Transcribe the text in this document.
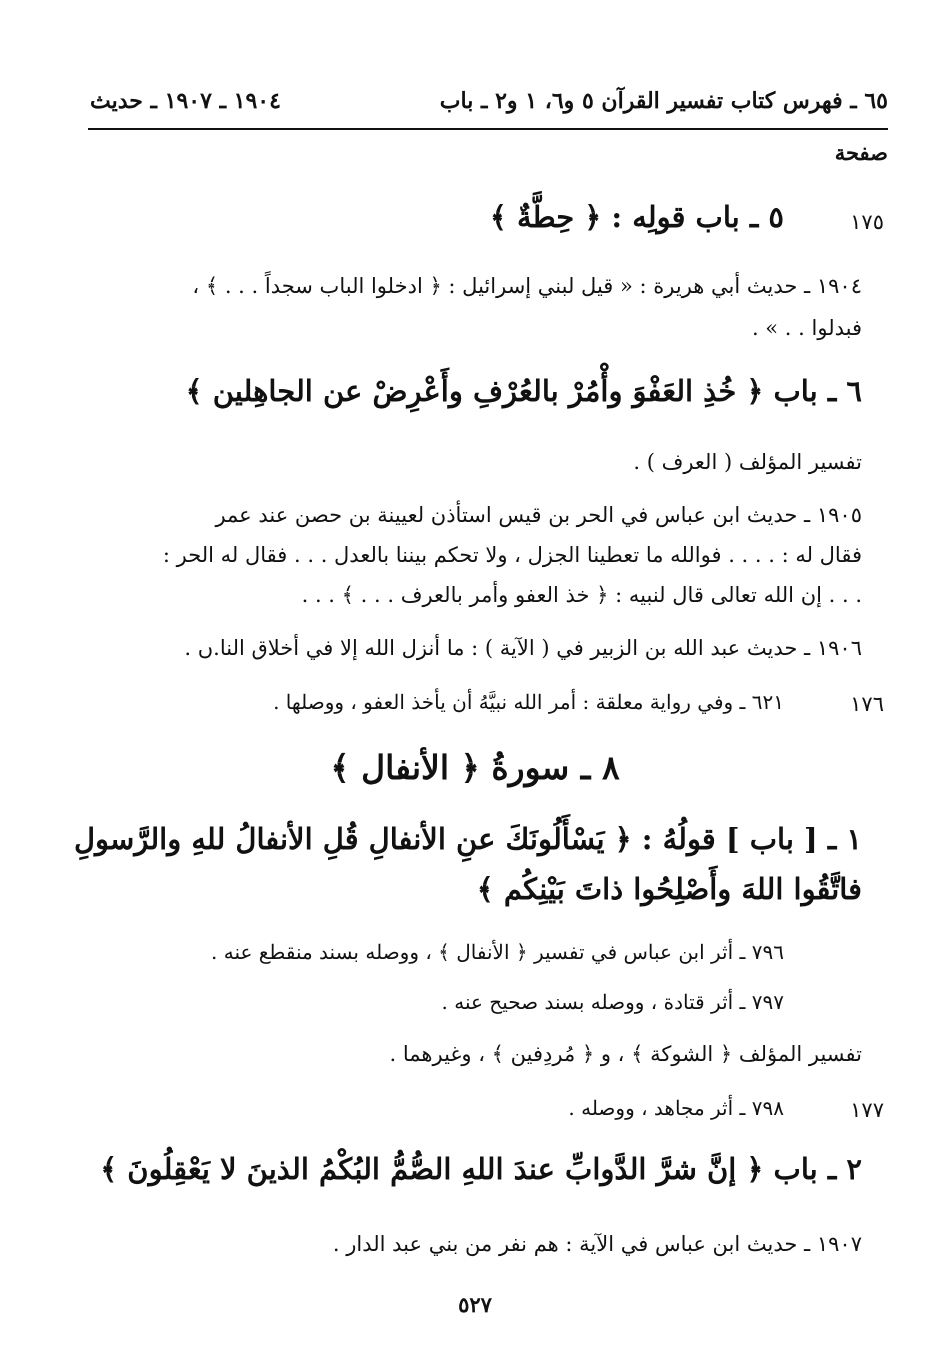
٦٥ ـ فهرس كتاب تفسير القرآن ٥ و٦، ١ و٢ ـ باب
١٩٠٤ ـ ١٩٠٧ ـ حديث
صفحة
١٧٥
٥ ـ باب قولِه : ﴿ حِطَّةٌ ﴾
١٩٠٤ ـ حديث أبي هريرة : « قيل لبني إسرائيل : ﴿ ادخلوا الباب سجداً . . . ﴾ ،
فبدلوا . . » .
٦ ـ باب ﴿ خُذِ العَفْوَ وأْمُرْ بالعُرْفِ وأَعْرِضْ عن الجاهِلين ﴾
تفسير المؤلف ( العرف ) .
١٩٠٥ ـ حديث ابن عباس في الحر بن قيس استأذن لعيينة بن حصن عند عمر
فقال له : . . . . فوالله ما تعطينا الجزل ، ولا تحكم بيننا بالعدل . . . فقال له الحر :
. . . إن الله تعالى قال لنبيه : ﴿ خذ العفو وأمر بالعرف . . . ﴾ . . .
١٩٠٦ ـ حديث عبد الله بن الزبير في ( الآية ) : ما أنزل الله إلا في أخلاق النا.ں .
١٧٦
٦٢١ ـ وفي رواية معلقة : أمر الله نبيَّهُ أن يأخذ العفو ، ووصلها .
٨ ـ سورةُ ﴿ الأنفال ﴾
١ ـ [ باب ] قولُهُ : ﴿ يَسْأَلُونَكَ عنِ الأنفالِ قُلِ الأنفالُ للهِ والرَّسولِ
فاتَّقُوا اللهَ وأَصْلِحُوا ذاتَ بَيْنِكُم ﴾
٧٩٦ ـ أثر ابن عباس في تفسير ﴿ الأنفال ﴾ ، ووصله بسند منقطع عنه .
٧٩٧ ـ أثر قتادة ، ووصله بسند صحيح عنه .
تفسير المؤلف ﴿ الشوكة ﴾ ، و ﴿ مُردِفين ﴾ ، وغيرهما .
١٧٧
٧٩٨ ـ أثر مجاهد ، ووصله .
٢ ـ باب ﴿ إنَّ شرَّ الدَّوابِّ عندَ اللهِ الصُّمُّ البُكْمُ الذينَ لا يَعْقِلُونَ ﴾
١٩٠٧ ـ حديث ابن عباس في الآية : هم نفر من بني عبد الدار .
٥٢٧
